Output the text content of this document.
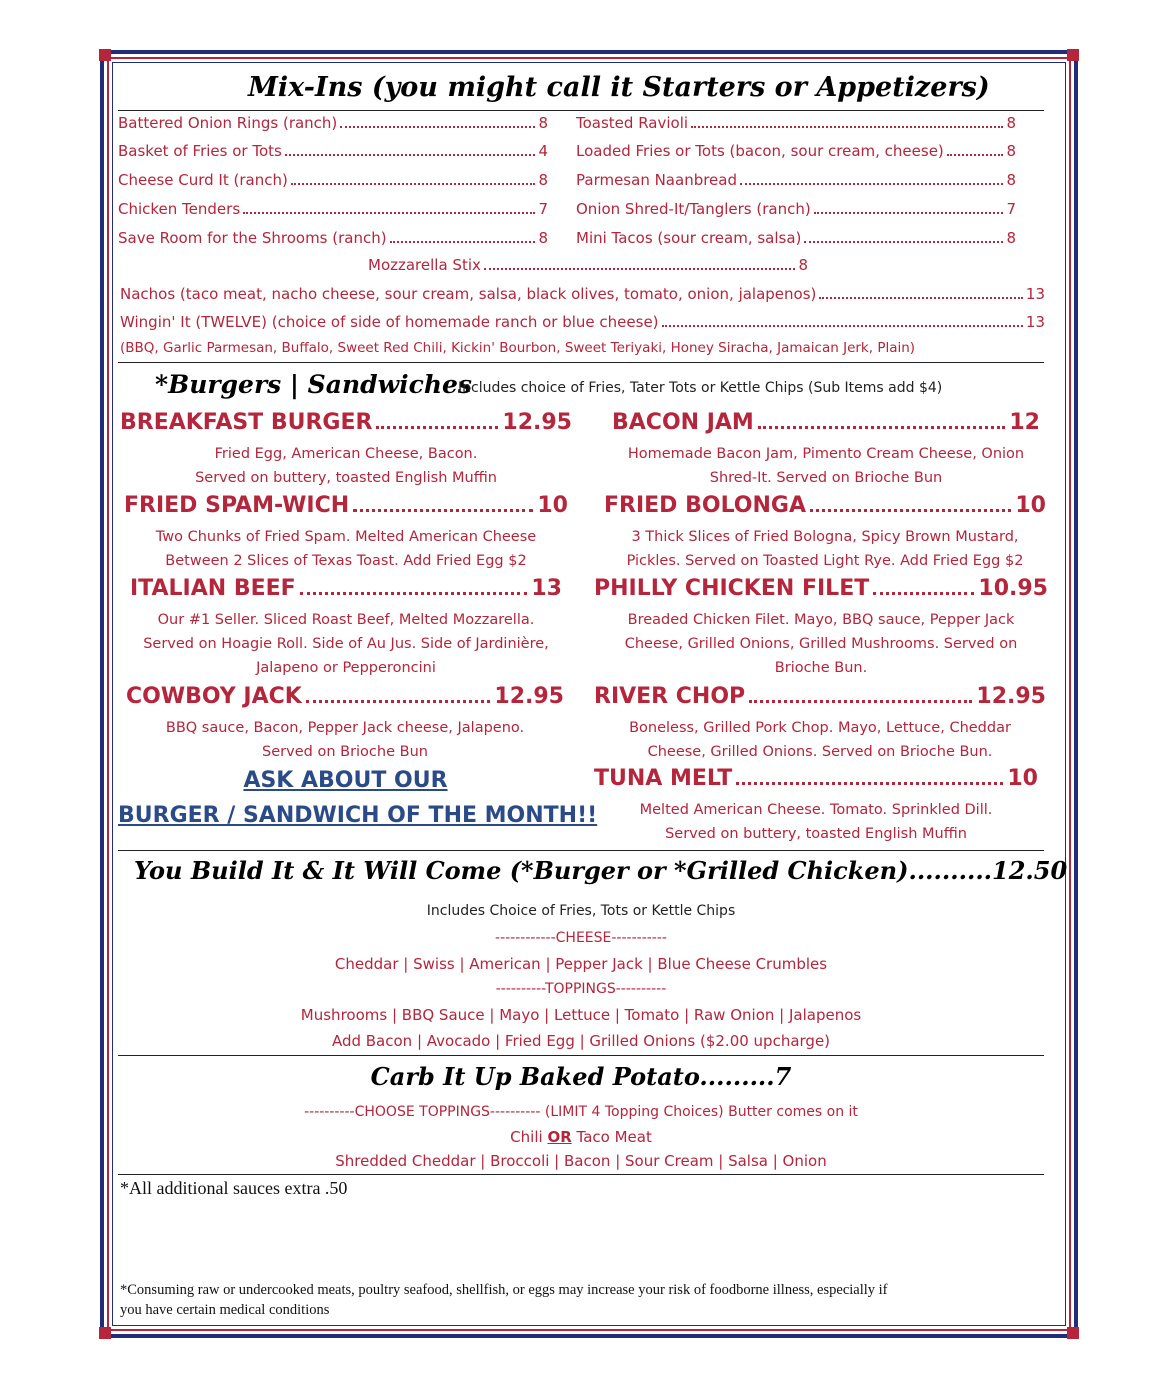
Mix-Ins (you might call it Starters or Appetizers)
Battered Onion Rings (ranch)	8
Basket of Fries or Tots	4
Cheese Curd It (ranch)	8
Chicken Tenders	7
Save Room for the Shrooms (ranch)	8
Toasted Ravioli	8
Loaded Fries or Tots (bacon, sour cream, cheese)	8
Parmesan Naanbread	8
Onion Shred-It/Tanglers (ranch)	7
Mini Tacos (sour cream, salsa)	8
Mozzarella Stix	8
Nachos (taco meat, nacho cheese, sour cream, salsa, black olives, tomato, onion, jalapenos)	13
Wingin' It (TWELVE) (choice of side of homemade ranch or blue cheese)	13
(BBQ, Garlic Parmesan, Buffalo, Sweet Red Chili, Kickin' Bourbon, Sweet Teriyaki, Honey Siracha, Jamaican Jerk, Plain)
*Burgers | Sandwiches
Includes choice of Fries, Tater Tots or Kettle Chips (Sub Items add $4)
BREAKFAST BURGER	12.95
Fried Egg, American Cheese, Bacon.
Served on buttery, toasted English Muffin
FRIED SPAM-WICH	10
Two Chunks of Fried Spam. Melted American Cheese
Between 2 Slices of Texas Toast. Add Fried Egg $2
ITALIAN BEEF	13
Our #1 Seller. Sliced Roast Beef, Melted Mozzarella.
Served on Hoagie Roll. Side of Au Jus. Side of Jardinière,
Jalapeno or Pepperoncini
COWBOY JACK	12.95
BBQ sauce, Bacon, Pepper Jack cheese, Jalapeno.
Served on Brioche Bun
BACON JAM	12
Homemade Bacon Jam, Pimento Cream Cheese, Onion
Shred-It. Served on Brioche Bun
FRIED BOLONGA	10
3 Thick Slices of Fried Bologna, Spicy Brown Mustard,
Pickles. Served on Toasted Light Rye. Add Fried Egg $2
PHILLY CHICKEN FILET	10.95
Breaded Chicken Filet. Mayo, BBQ sauce, Pepper Jack
Cheese, Grilled Onions, Grilled Mushrooms. Served on
Brioche Bun.
RIVER CHOP	12.95
Boneless, Grilled Pork Chop. Mayo, Lettuce, Cheddar
Cheese, Grilled Onions. Served on Brioche Bun.
TUNA MELT	10
Melted American Cheese. Tomato. Sprinkled Dill.
Served on buttery, toasted English Muffin
ASK ABOUT OUR
BURGER / SANDWICH OF THE MONTH!!
You Build It & It Will Come (*Burger or *Grilled Chicken)..........12.50
Includes Choice of Fries, Tots or Kettle Chips
------------CHEESE-----------
Cheddar | Swiss | American | Pepper Jack | Blue Cheese Crumbles
----------TOPPINGS----------
Mushrooms | BBQ Sauce | Mayo | Lettuce | Tomato | Raw Onion | Jalapenos
Add Bacon | Avocado | Fried Egg | Grilled Onions ($2.00 upcharge)
Carb It Up Baked Potato.........7
----------CHOOSE TOPPINGS---------- (LIMIT 4 Topping Choices) Butter comes on it
Chili OR Taco Meat
Shredded Cheddar | Broccoli | Bacon | Sour Cream | Salsa | Onion
*All additional sauces extra .50
*Consuming raw or undercooked meats, poultry seafood, shellfish, or eggs may increase your risk of foodborne illness, especially if
you have certain medical conditions
